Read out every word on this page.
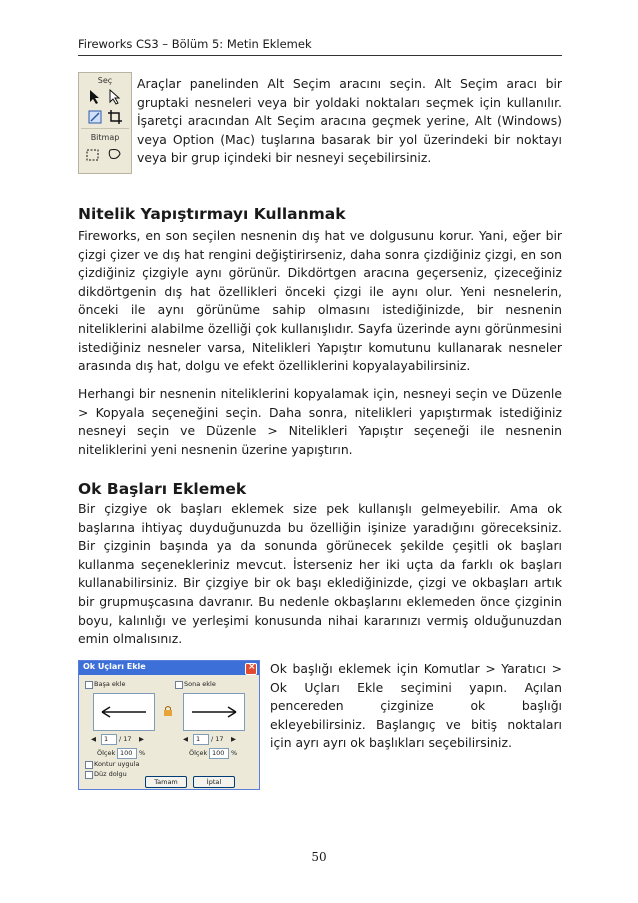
Fireworks CS3 – Bölüm 5: Metin Eklemek
Seç
Bitmap
Araçlar panelinden Alt Seçim aracını seçin. Alt Seçim aracı bir gruptaki nesneleri veya bir yoldaki noktaları seçmek için kullanılır. İşaretçi aracından Alt Seçim aracına geçmek yerine, Alt (Windows) veya Option (Mac) tuşlarına basarak bir yol üzerindeki bir noktayı veya bir grup içindeki bir nesneyi seçebilirsiniz.
Nitelik Yapıştırmayı Kullanmak
Fireworks, en son seçilen nesnenin dış hat ve dolgusunu korur. Yani, eğer bir çizgi çizer ve dış hat rengini değiştirirseniz, daha sonra çizdiğiniz çizgi, en son çizdiğiniz çizgiyle aynı görünür. Dikdörtgen aracına geçerseniz, çizeceğiniz dikdörtgenin dış hat özellikleri önceki çizgi ile aynı olur. Yeni nesnelerin, önceki ile aynı görünüme sahip olmasını istediğinizde, bir nesnenin niteliklerini alabilme özelliği çok kullanışlıdır. Sayfa üzerinde aynı görünmesini istediğiniz nesneler varsa, Nitelikleri Yapıştır komutunu kullanarak nesneler arasında dış hat, dolgu ve efekt özelliklerini kopyalayabilirsiniz.
Herhangi bir nesnenin niteliklerini kopyalamak için, nesneyi seçin ve Düzenle > Kopyala seçeneğini seçin. Daha sonra, nitelikleri yapıştırmak istediğiniz nesneyi seçin ve Düzenle > Nitelikleri Yapıştır seçeneği ile nesnenin niteliklerini yeni nesnenin üzerine yapıştırın.
Ok Başları Eklemek
Bir çizgiye ok başları eklemek size pek kullanışlı gelmeyebilir. Ama ok başlarına ihtiyaç duyduğunuzda bu özelliğin işinize yaradığını göreceksiniz. Bir çizginin başında ya da sonunda görünecek şekilde çeşitli ok başları kullanma seçenekleriniz mevcut. İsterseniz her iki uçta da farklı ok başları kullanabilirsiniz. Bir çizgiye bir ok başı eklediğinizde, çizgi ve okbaşları artık bir grupmuşcasına davranır. Bu nedenle okbaşlarını eklemeden önce çizginin boyu, kalınlığı ve yerleşimi konusunda nihai kararınızı vermiş olduğunuzdan emin olmalısınız.
Ok Uçları Ekle	×
Başa ekle	Sona ekle
◀	1	/ 17 ▶	◀	1	/ 17 ▶
Ölçek 100	%	Ölçek 100	%
Kontur uygula
Düz dolgu
Tamam	İptal
Ok başlığı eklemek için Komutlar > Yaratıcı > Ok Uçları Ekle seçimini yapın. Açılan pencereden çizginize ok başlığı ekleyebilirsiniz. Başlangıç ve bitiş noktaları için ayrı ayrı ok başlıkları seçebilirsiniz.
50
